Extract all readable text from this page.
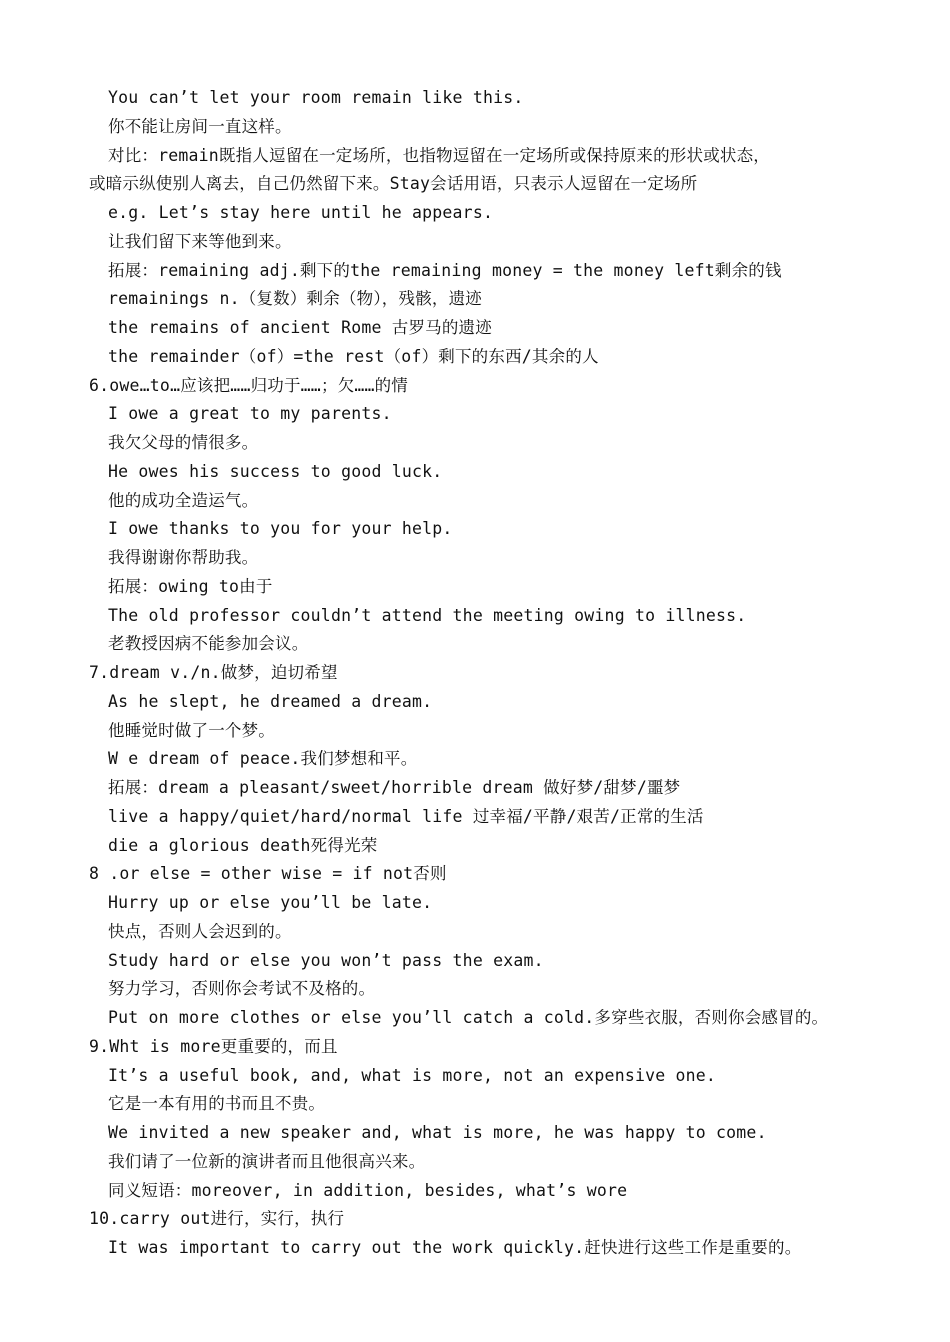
You can’t let your room remain like this.
你不能让房间一直这样。
对比：remain既指人逗留在一定场所，也指物逗留在一定场所或保持原来的形状或状态，
或暗示纵使别人离去，自己仍然留下来。Stay会话用语，只表示人逗留在一定场所
e.g. Let’s stay here until he appears.
让我们留下来等他到来。
拓展：remaining adj.剩下的the remaining money = the money left剩余的钱
remainings n.（复数）剩余（物），残骸，遗迹
the remains of ancient Rome 古罗马的遗迹
the remainder（of）=the rest（of）剩下的东西/其余的人
6.owe…to…应该把……归功于……；欠……的情
I owe a great to my parents.
我欠父母的情很多。
He owes his success to good luck.
他的成功全造运气。
I owe thanks to you for your help.
我得谢谢你帮助我。
拓展：owing to由于
The old professor couldn’t attend the meeting owing to illness.
老教授因病不能参加会议。
7.dream v./n.做梦，迫切希望
As he slept, he dreamed a dream.
他睡觉时做了一个梦。
W e dream of peace.我们梦想和平。
拓展：dream a pleasant/sweet/horrible dream 做好梦/甜梦/噩梦
live a happy/quiet/hard/normal life 过幸福/平静/艰苦/正常的生活
die a glorious death死得光荣
8 .or else = other wise = if not否则
Hurry up or else you’ll be late.
快点，否则人会迟到的。
Study hard or else you won’t pass the exam.
努力学习，否则你会考试不及格的。
Put on more clothes or else you’ll catch a cold.多穿些衣服，否则你会感冒的。
9.Wht is more更重要的，而且
It’s a useful book, and, what is more, not an expensive one.
它是一本有用的书而且不贵。
We invited a new speaker and, what is more, he was happy to come.
我们请了一位新的演讲者而且他很高兴来。
同义短语：moreover, in addition, besides, what’s wore
10.carry out进行，实行，执行
It was important to carry out the work quickly.赶快进行这些工作是重要的。
